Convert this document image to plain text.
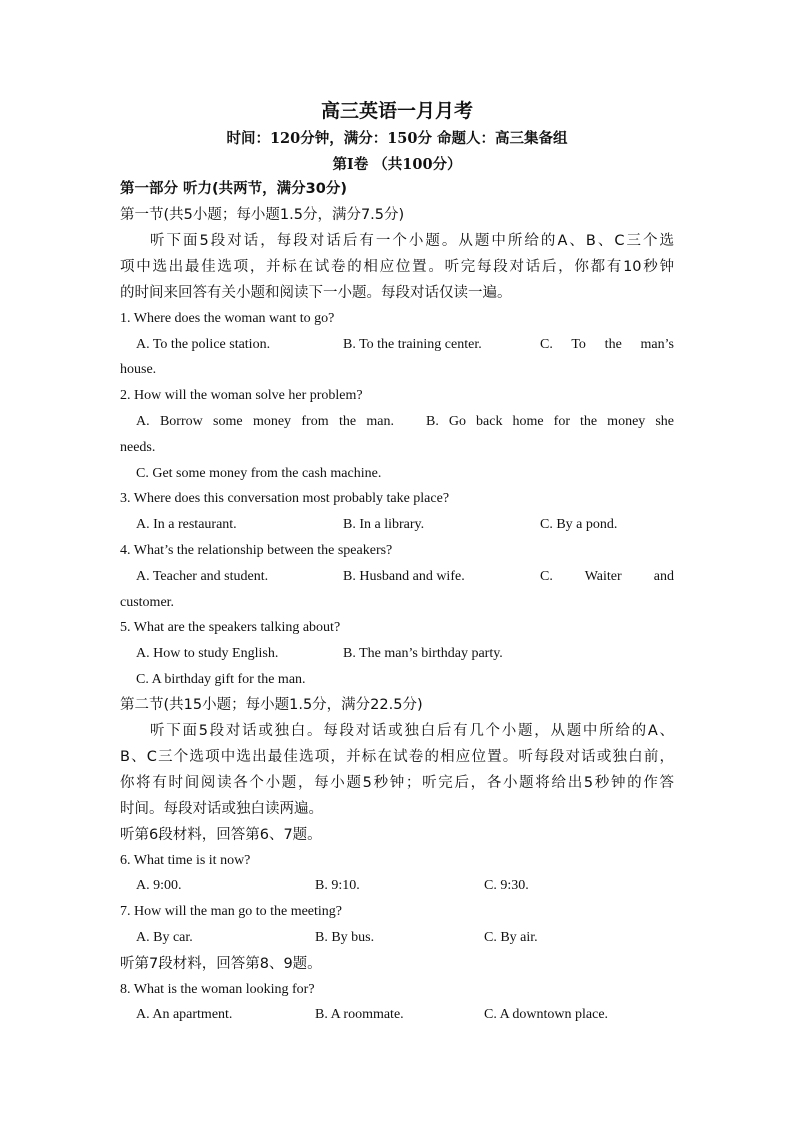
高三英语一月月考
时间：120分钟，满分：150分 命题人：高三集备组
第I卷 （共100分）
第一部分 听力(共两节，满分30分)
第一节(共5小题；每小题1.5分，满分7.5分)
听下面5段对话，每段对话后有一个小题。从题中所给的A、B、C三个选
项中选出最佳选项，并标在试卷的相应位置。听完每段对话后，你都有10秒钟
的时间来回答有关小题和阅读下一小题。每段对话仅读一遍。
1. Where does the woman want to go?
A. To the police station.	B. To the training center.	C. To the man’s
house.
2. How will the woman solve her problem?
A. Borrow some money from the man. B. Go back home for the money she
needs.
C. Get some money from the cash machine.
3. Where does this conversation most probably take place?
A. In a restaurant.	B. In a library.	C. By a pond.
4. What’s the relationship between the speakers?
A. Teacher and student.	B. Husband and wife.	C. Waiter and
customer.
5. What are the speakers talking about?
A. How to study English.	B. The man’s birthday party.
C. A birthday gift for the man.
第二节(共15小题；每小题1.5分，满分22.5分)
听下面5段对话或独白。每段对话或独白后有几个小题，从题中所给的A、
B、C三个选项中选出最佳选项，并标在试卷的相应位置。听每段对话或独白前，
你将有时间阅读各个小题，每小题5秒钟；听完后，各小题将给出5秒钟的作答
时间。每段对话或独白读两遍。
听第6段材料，回答第6、7题。
6. What time is it now?
A. 9:00.	B. 9:10.	C. 9:30.
7. How will the man go to the meeting?
A. By car.	B. By bus.	C. By air.
听第7段材料，回答第8、9题。
8. What is the woman looking for?
A. An apartment.	B. A roommate.	C. A downtown place.
